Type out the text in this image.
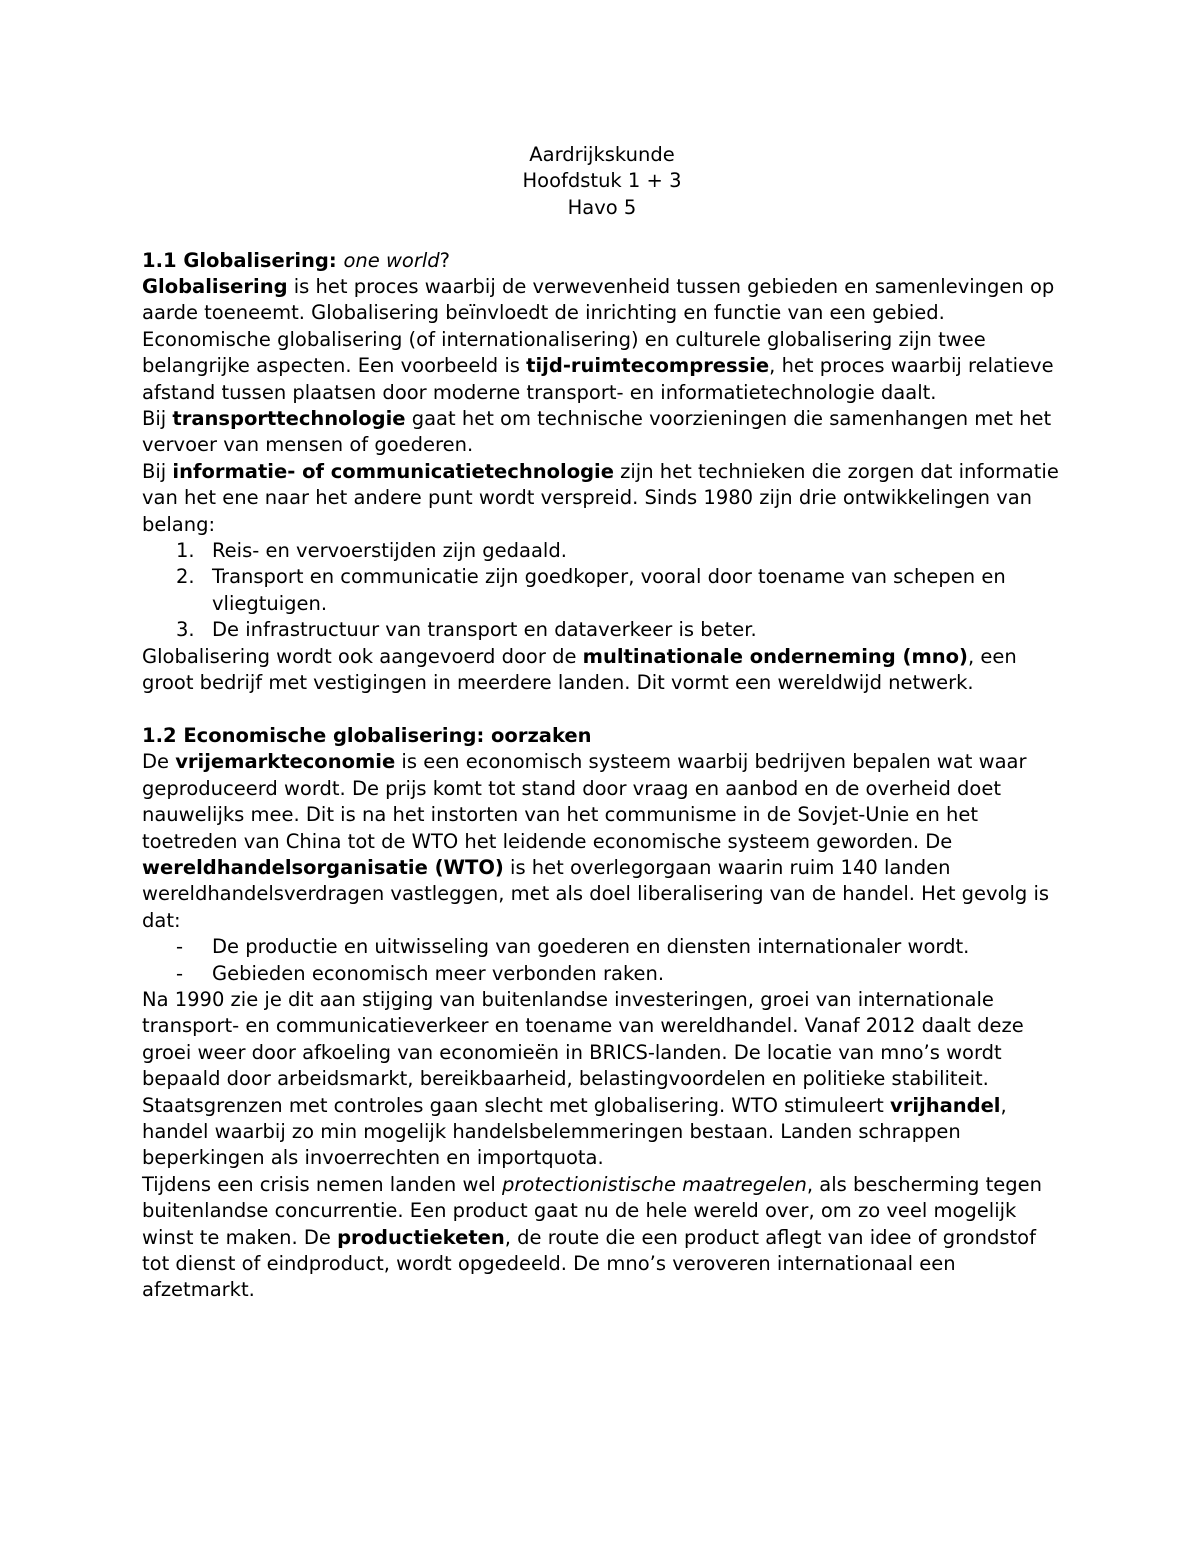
Aardrijkskunde
Hoofdstuk 1 + 3
Havo 5
1.1 Globalisering: one world?

Globalisering is het proces waarbij de verwevenheid tussen gebieden en samenlevingen op aarde toeneemt. Globalisering beïnvloedt de inrichting en functie van een gebied. Economische globalisering (of internationalisering) en culturele globalisering zijn twee belangrijke aspecten. Een voorbeeld is tijd-ruimtecompressie, het proces waarbij relatieve afstand tussen plaatsen door moderne transport- en informatietechnologie daalt.

Bij transporttechnologie gaat het om technische voorzieningen die samenhangen met het vervoer van mensen of goederen.

Bij informatie- of communicatietechnologie zijn het technieken die zorgen dat informatie van het ene naar het andere punt wordt verspreid. Sinds 1980 zijn drie ontwikkelingen van belang:

1. Reis- en vervoerstijden zijn gedaald.
2. Transport en communicatie zijn goedkoper, vooral door toename van schepen en vliegtuigen.
3. De infrastructuur van transport en dataverkeer is beter.

Globalisering wordt ook aangevoerd door de multinationale onderneming (mno), een groot bedrijf met vestigingen in meerdere landen. Dit vormt een wereldwijd netwerk.

1.2 Economische globalisering: oorzaken

De vrijemarkteconomie is een economisch systeem waarbij bedrijven bepalen wat waar geproduceerd wordt. De prijs komt tot stand door vraag en aanbod en de overheid doet nauwelijks mee. Dit is na het instorten van het communisme in de Sovjet-Unie en het toetreden van China tot de WTO het leidende economische systeem geworden. De wereldhandelsorganisatie (WTO) is het overlegorgaan waarin ruim 140 landen wereldhandelsverdragen vastleggen, met als doel liberalisering van de handel. Het gevolg is dat:

- De productie en uitwisseling van goederen en diensten internationaler wordt.
- Gebieden economisch meer verbonden raken.

Na 1990 zie je dit aan stijging van buitenlandse investeringen, groei van internationale transport- en communicatieverkeer en toename van wereldhandel. Vanaf 2012 daalt deze groei weer door afkoeling van economieën in BRICS-landen. De locatie van mno’s wordt bepaald door arbeidsmarkt, bereikbaarheid, belastingvoordelen en politieke stabiliteit.

Staatsgrenzen met controles gaan slecht met globalisering. WTO stimuleert vrijhandel, handel waarbij zo min mogelijk handelsbelemmeringen bestaan. Landen schrappen beperkingen als invoerrechten en importquota.

Tijdens een crisis nemen landen wel protectionistische maatregelen, als bescherming tegen buitenlandse concurrentie. Een product gaat nu de hele wereld over, om zo veel mogelijk winst te maken. De productieketen, de route die een product aflegt van idee of grondstof tot dienst of eindproduct, wordt opgedeeld. De mno’s veroveren internationaal een afzetmarkt.
